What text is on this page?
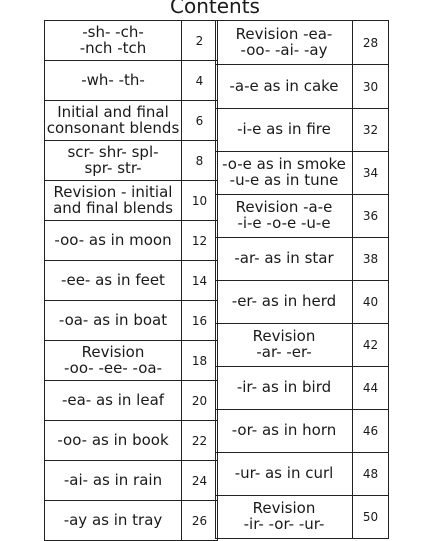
Contents
-sh- -ch-
-nch -tch	2

-wh- -th-	4

Initial and final
consonant blends	6

scr- shr- spl-
spr- str-	8

Revision - initial
and final blends	10

-oo- as in moon	12

-ee- as in feet	14

-oa- as in boat	16

Revision
-oo- -ee- -oa-	18

-ea- as in leaf	20

-oo- as in book	22

-ai- as in rain	24

-ay as in tray	26
Revision -ea-
-oo- -ai- -ay	28

-a-e as in cake	30

-i-e as in fire	32

-o-e as in smoke
-u-e as in tune	34

Revision -a-e
-i-e -o-e -u-e	36

-ar- as in star	38

-er- as in herd	40

Revision
-ar- -er-	42

-ir- as in bird	44

-or- as in horn	46

-ur- as in curl	48

Revision
-ir- -or- -ur-	50
